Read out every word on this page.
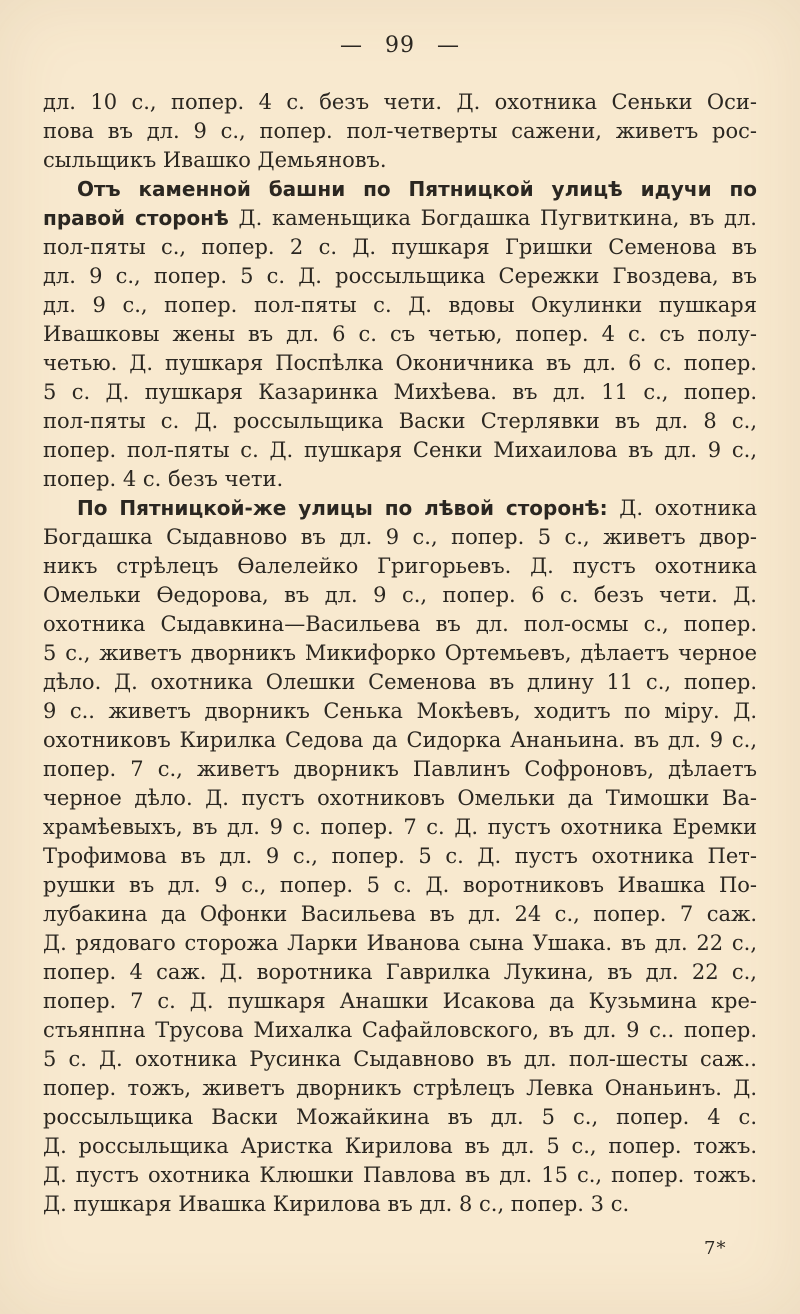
— 99 —
дл. 10 с., попер. 4 с. безъ чети. Д. охотника Сеньки Оси-
пова въ дл. 9 с., попер. пол-четверты сажени, живетъ рос-
сыльщикъ Ивашко Демьяновъ.
Отъ каменной башни по Пятницкой улицѣ идучи по
правой сторонѣ Д. каменьщика Богдашка Пугвиткина, въ дл.
пол-пяты с., попер. 2 с. Д. пушкаря Гришки Семенова въ
дл. 9 с., попер. 5 с. Д. россыльщика Сережки Гвоздева, въ
дл. 9 с., попер. пол-пяты с. Д. вдовы Окулинки пушкаря
Ивашковы жены въ дл. 6 с. съ четью, попер. 4 с. съ полу-
четью. Д. пушкаря Поспѣлка Оконичника въ дл. 6 с. попер.
5 с. Д. пушкаря Казаринка Михѣева. въ дл. 11 с., попер.
пол-пяты с. Д. россыльщика Васки Стерлявки въ дл. 8 с.,
попер. пол-пяты с. Д. пушкаря Сенки Михаилова въ дл. 9 с.,
попер. 4 с. безъ чети.
По Пятницкой-же улицы по лѣвой сторонѣ: Д. охотника
Богдашка Сыдавново въ дл. 9 с., попер. 5 с., живетъ двор-
никъ стрѣлецъ Ѳалелейко Григорьевъ. Д. пустъ охотника
Омельки Ѳедорова, въ дл. 9 с., попер. 6 с. безъ чети. Д.
охотника Сыдавкина—Васильева въ дл. пол-осмы с., попер.
5 с., живетъ дворникъ Микифорко Ортемьевъ, дѣлаетъ черное
дѣло. Д. охотника Олешки Семенова въ длину 11 с., попер.
9 с.. живетъ дворникъ Сенька Мокѣевъ, ходитъ по міру. Д.
охотниковъ Кирилка Седова да Сидорка Ананьина. въ дл. 9 с.,
попер. 7 с., живетъ дворникъ Павлинъ Софроновъ, дѣлаетъ
черное дѣло. Д. пустъ охотниковъ Омельки да Тимошки Ва-
храмѣевыхъ, въ дл. 9 с. попер. 7 с. Д. пустъ охотника Еремки
Трофимова въ дл. 9 с., попер. 5 с. Д. пустъ охотника Пет-
рушки въ дл. 9 с., попер. 5 с. Д. воротниковъ Ивашка По-
лубакина да Офонки Васильева въ дл. 24 с., попер. 7 саж.
Д. рядоваго сторожа Ларки Иванова сына Ушака. въ дл. 22 с.,
попер. 4 саж. Д. воротника Гаврилка Лукина, въ дл. 22 с.,
попер. 7 с. Д. пушкаря Анашки Исакова да Кузьмина кре-
стьянпна Трусова Михалка Сафайловского, въ дл. 9 с.. попер.
5 с. Д. охотника Русинка Сыдавново въ дл. пол-шесты саж..
попер. тожъ, живетъ дворникъ стрѣлецъ Левка Онаньинъ. Д.
россыльщика Васки Можайкина въ дл. 5 с., попер. 4 с.
Д. россыльщика Аристка Кирилова въ дл. 5 с., попер. тожъ.
Д. пустъ охотника Клюшки Павлова въ дл. 15 с., попер. тожъ.
Д. пушкаря Ивашка Кирилова въ дл. 8 с., попер. 3 с.
7*
